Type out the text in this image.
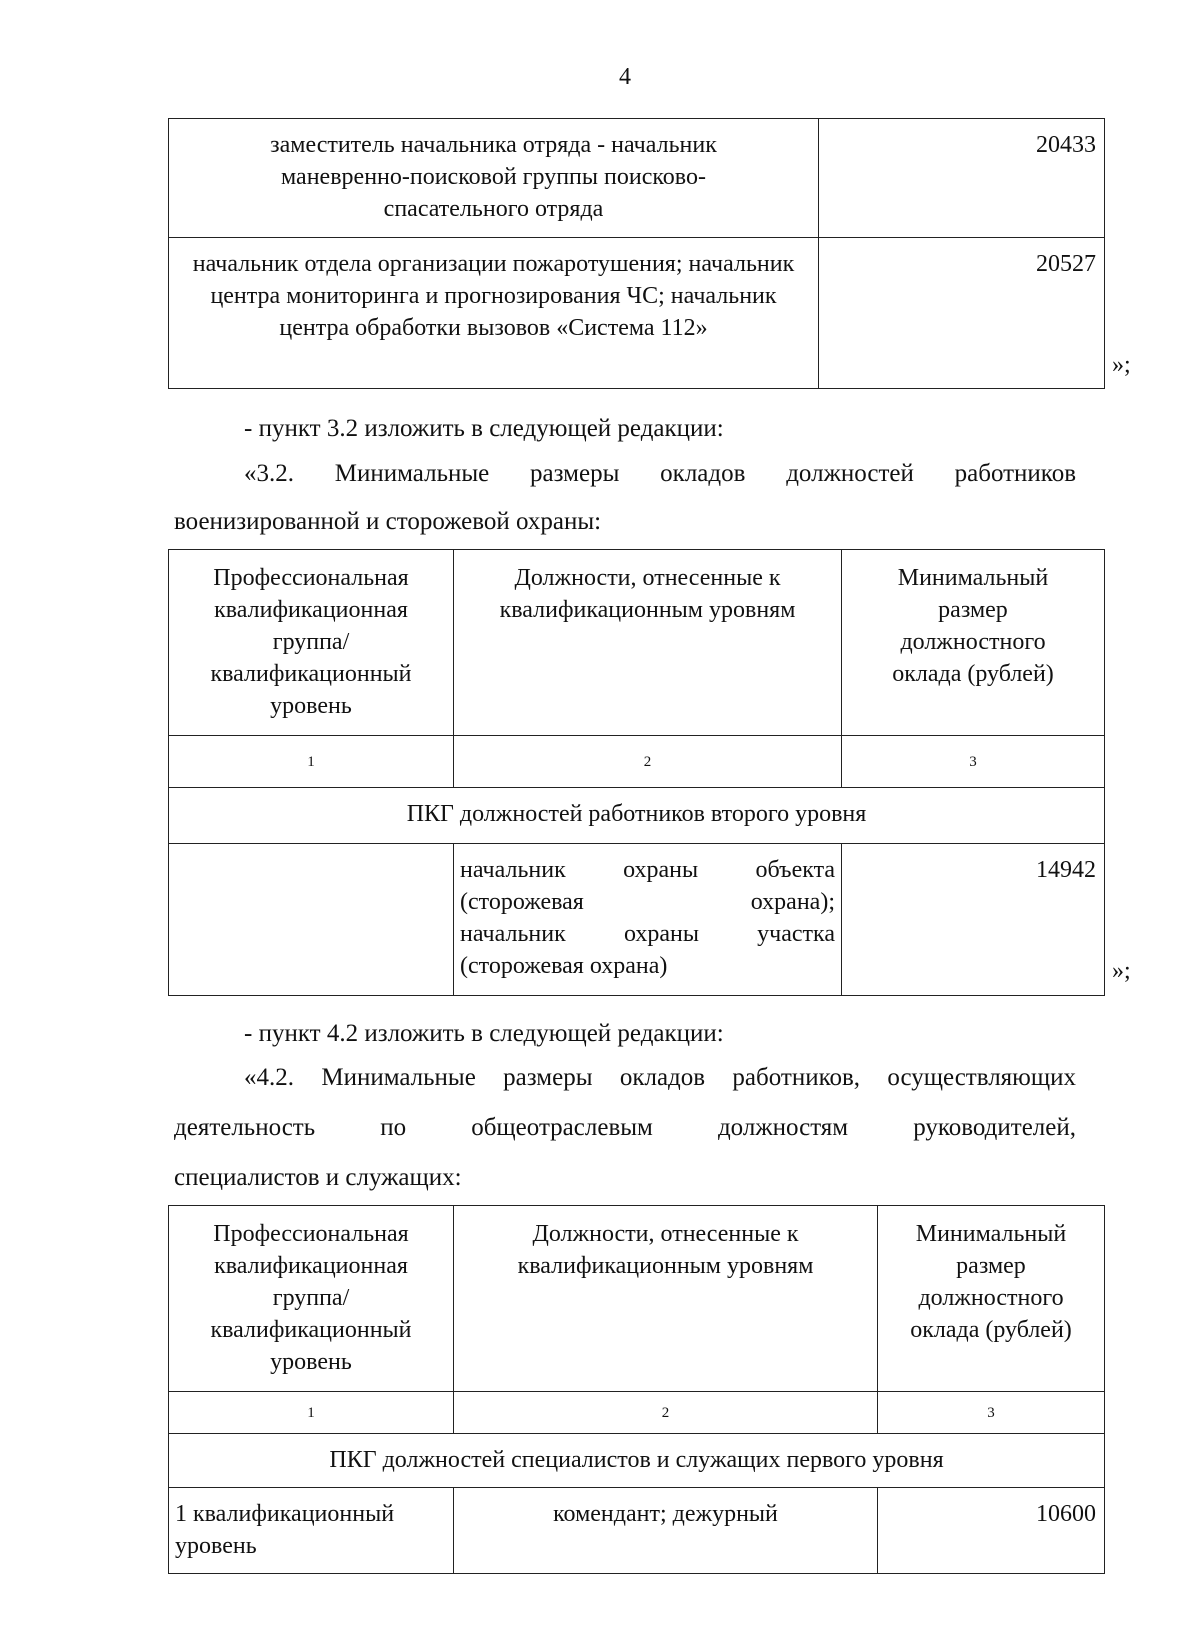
4
заместитель начальника отряда - начальник маневренно-поисковой группы поисково-спасательного отряда	20433
начальник отдела организации пожаротушения; начальник центра мониторинга и прогнозирования ЧС; начальник центра обработки вызовов «Система 112»	20527
»;
- пункт 3.2 изложить в следующей редакции:
«3.2. Минимальные размеры окладов должностей работников
военизированной и сторожевой охраны:
Профессиональная квалификационная группа/ квалификационный уровень	Должности, отнесенные к квалификационным уровням	Минимальный размер должностного оклада (рублей)
1	2	3
ПКГ должностей работников второго уровня		

	начальник охраны объекта
(сторожевая охрана);
начальник охраны участка
(сторожевая охрана)	14942
»;
- пункт 4.2 изложить в следующей редакции:
«4.2. Минимальные размеры окладов работников, осуществляющих
деятельность по общеотраслевым должностям руководителей,
специалистов и служащих:
Профессиональная квалификационная группа/ квалификационный уровень	Должности, отнесенные к квалификационным уровням	Минимальный размер должностного оклада (рублей)
1	2	3
ПКГ должностей специалистов и служащих первого уровня		
1 квалификационный уровень	комендант; дежурный	10600
